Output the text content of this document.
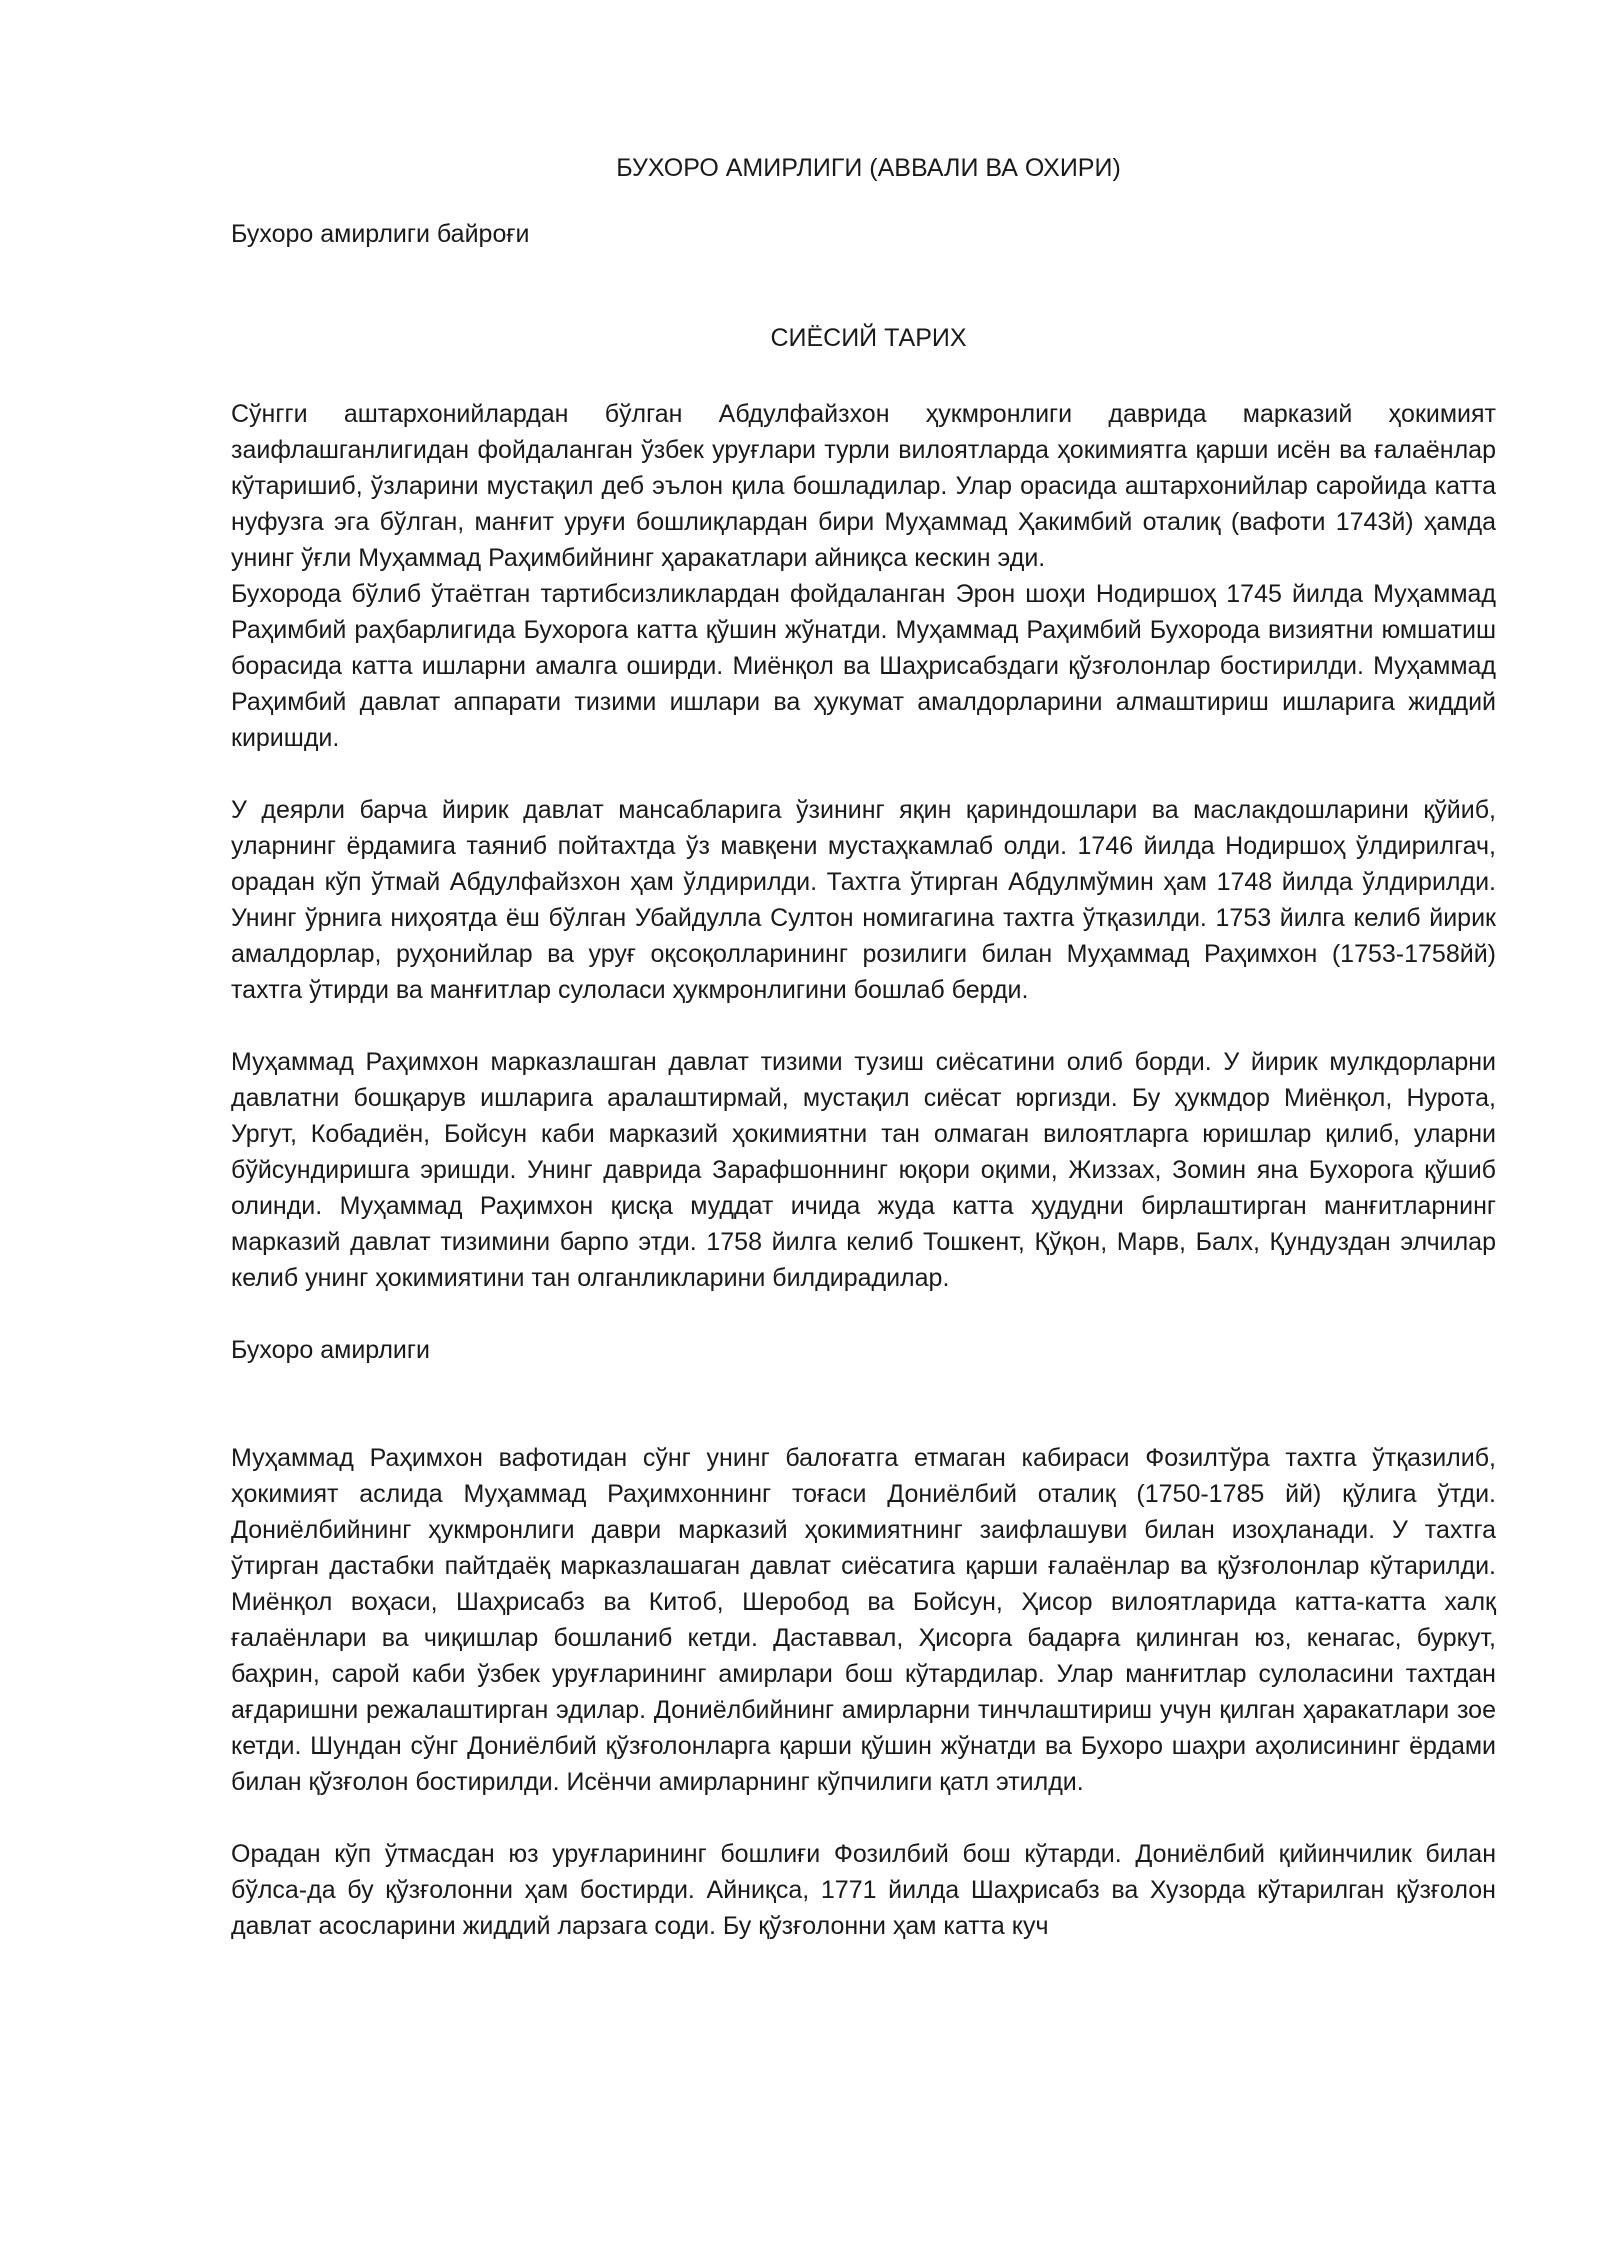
БУХОРО АМИРЛИГИ (АВВАЛИ ВА ОХИРИ)

Бухоро амирлиги байроғи

СИЁСИЙ ТАРИХ

Сўнгги аштархонийлардан бўлган Абдулфайзхон ҳукмронлиги даврида марказий ҳокимият заифлашганлигидан фойдаланган ўзбек уруғлари турли вилоятларда ҳокимиятга қарши исён ва ғалаёнлар кўтаришиб, ўзларини мустақил деб эълон қила бошладилар. Улар орасида аштархонийлар саройида катта нуфузга эга бўлган, манғит уруғи бошлиқлардан бири Муҳаммад Ҳакимбий оталиқ (вафоти 1743й) ҳамда унинг ўғли Муҳаммад Раҳимбийнинг ҳаракатлари айниқса кескин эди.

Бухорода бўлиб ўтаётган тартибсизликлардан фойдаланган Эрон шоҳи Нодиршоҳ 1745 йилда Муҳаммад Раҳимбий раҳбарлигида Бухорога катта қўшин жўнатди. Муҳаммад Раҳимбий Бухорода визиятни юмшатиш борасида катта ишларни амалга оширди. Миёнқол ва Шаҳрисабздаги қўзғолонлар бостирилди. Муҳаммад Раҳимбий давлат аппарати тизими ишлари ва ҳукумат амалдорларини алмаштириш ишларига жиддий киришди.

У деярли барча йирик давлат мансабларига ўзининг яқин қариндошлари ва маслакдошларини қўйиб, уларнинг ёрдамига таяниб пойтахтда ўз мавқени мустаҳкамлаб олди. 1746 йилда Нодиршоҳ ўлдирилгач, орадан кўп ўтмай Абдулфайзхон ҳам ўлдирилди. Тахтга ўтирган Абдулмўмин ҳам 1748 йилда ўлдирилди. Унинг ўрнига ниҳоятда ёш бўлган Убайдулла Султон номигагина тахтга ўтқазилди. 1753 йилга келиб йирик амалдорлар, руҳонийлар ва уруғ оқсоқолларининг розилиги билан Муҳаммад Раҳимхон (1753-1758йй) тахтга ўтирди ва манғитлар сулоласи ҳукмронлигини бошлаб берди.

Муҳаммад Раҳимхон марказлашган давлат тизими тузиш сиёсатини олиб борди. У йирик мулкдорларни давлатни бошқарув ишларига аралаштирмай, мустақил сиёсат юргизди. Бу ҳукмдор Миёнқол, Нурота, Ургут, Кобадиён, Бойсун каби марказий ҳокимиятни тан олмаган вилоятларга юришлар қилиб, уларни бўйсундиришга эришди. Унинг даврида Зарафшоннинг юқори оқими, Жиззах, Зомин яна Бухорога қўшиб олинди. Муҳаммад Раҳимхон қисқа муддат ичида жуда катта ҳудудни бирлаштирган манғитларнинг марказий давлат тизимини барпо этди. 1758 йилга келиб Тошкент, Қўқон, Марв, Балх, Қундуздан элчилар келиб унинг ҳокимиятини тан олганликларини билдирадилар.

Бухоро амирлиги

Муҳаммад Раҳимхон вафотидан сўнг унинг балоғатга етмаган кабираси Фозилтўра тахтга ўтқазилиб, ҳокимият аслида Муҳаммад Раҳимхоннинг тоғаси Дониёлбий оталиқ (1750-1785 йй) қўлига ўтди. Дониёлбийнинг ҳукмронлиги даври марказий ҳокимиятнинг заифлашуви билан изоҳланади. У тахтга ўтирган дастабки пайтдаёқ марказлашаган давлат сиёсатига қарши ғалаёнлар ва қўзғолонлар кўтарилди. Миёнқол воҳаси, Шаҳрисабз ва Китоб, Шеробод ва Бойсун, Ҳисор вилоятларида катта-катта халқ ғалаёнлари ва чиқишлар бошланиб кетди. Даставвал, Ҳисорга бадарға қилинган юз, кенагас, буркут, баҳрин, сарой каби ўзбек уруғларининг амирлари бош кўтардилар. Улар манғитлар сулоласини тахтдан ағдаришни режалаштирган эдилар. Дониёлбийнинг амирларни тинчлаштириш учун қилган ҳаракатлари зое кетди. Шундан сўнг Дониёлбий қўзғолонларга қарши қўшин жўнатди ва Бухоро шаҳри аҳолисининг ёрдами билан қўзғолон бостирилди. Исёнчи амирларнинг кўпчилиги қатл этилди.

Орадан кўп ўтмасдан юз уруғларининг бошлиғи Фозилбий бош кўтарди. Дониёлбий қийинчилик билан бўлса-да бу қўзғолонни ҳам бостирди. Айниқса, 1771 йилда Шаҳрисабз ва Хузорда кўтарилган қўзғолон давлат асосларини жиддий ларзага соди. Бу қўзғолонни ҳам катта куч
